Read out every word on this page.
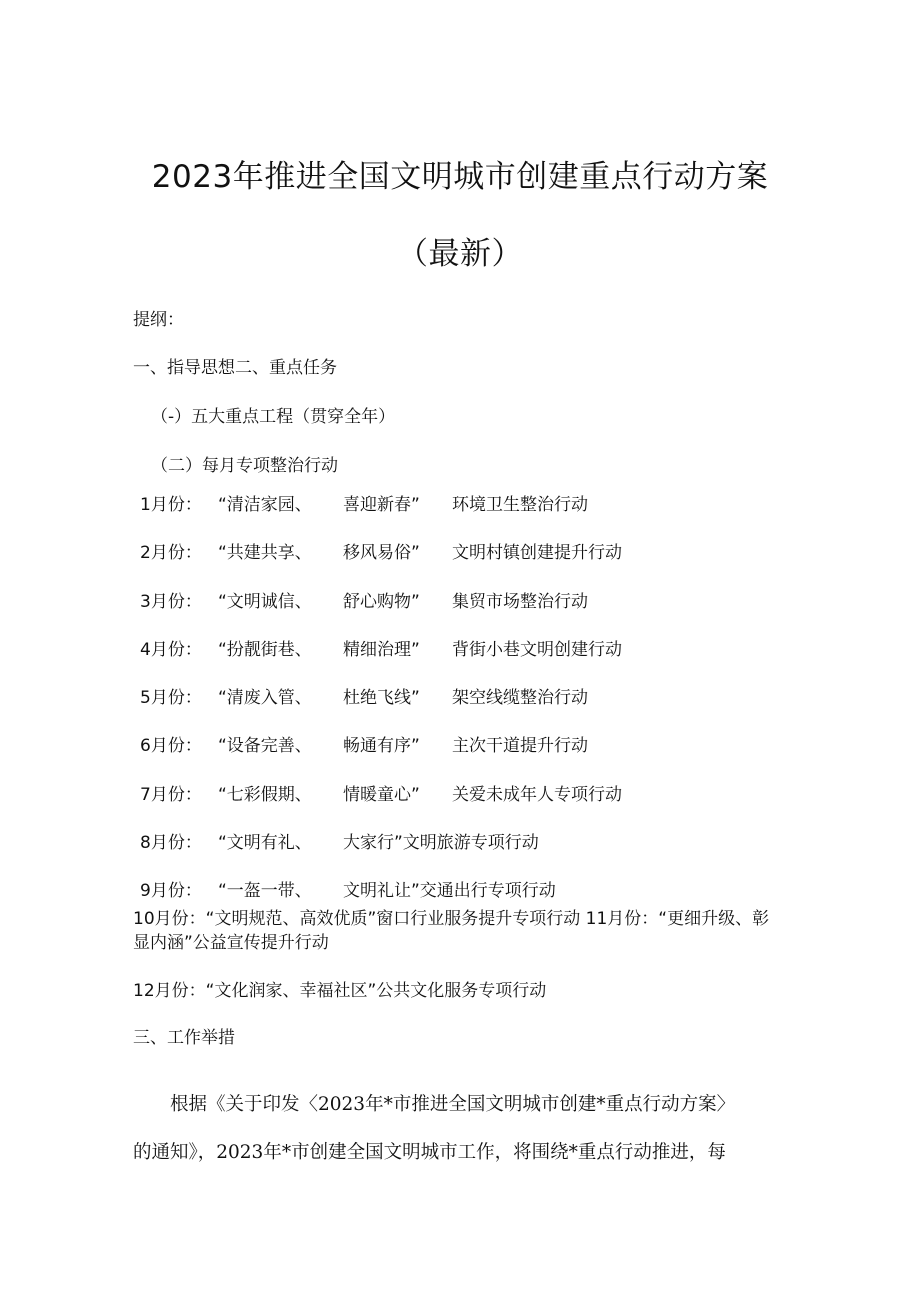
2023年推进全国文明城市创建重点行动方案
（最新）
提纲：
一、指导思想二、重点任务
（-）五大重点工程（贯穿全年）
（二）每月专项整治行动
1月份： “清洁家园、 喜迎新春” 环境卫生整治行动
2月份： “共建共享、 移风易俗” 文明村镇创建提升行动
3月份： “文明诚信、 舒心购物” 集贸市场整治行动
4月份： “扮靓街巷、 精细治理” 背街小巷文明创建行动
5月份： “清废入管、 杜绝飞线” 架空线缆整治行动
6月份： “设备完善、 畅通有序” 主次干道提升行动
7月份： “七彩假期、 情暖童心” 关爱未成年人专项行动
8月份： “文明有礼、 大家行”文明旅游专项行动
9月份： “一盔一带、 文明礼让”交通出行专项行动
10月份：“文明规范、高效优质”窗口行业服务提升专项行动 11月份：“更细升级、彰显内涵”公益宣传提升行动
12月份：“文化润家、幸福社区”公共文化服务专项行动
三、工作举措
根据《关于印发〈2023年*市推进全国文明城市创建*重点行动方案〉
的通知》，2023年*市创建全国文明城市工作，将围绕*重点行动推进，每
